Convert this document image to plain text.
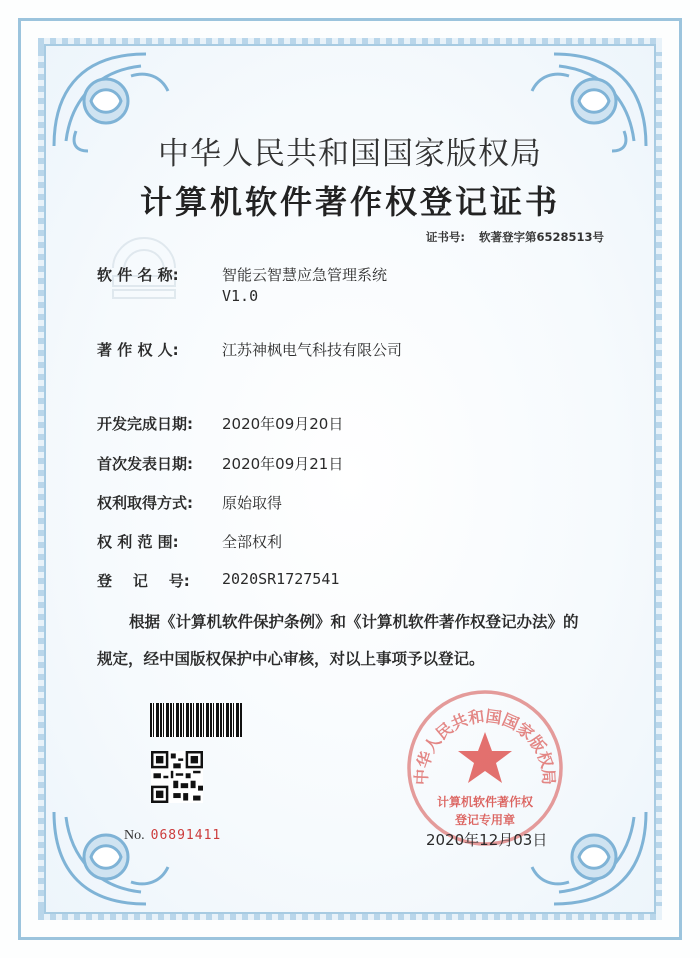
中华人民共和国国家版权局
计算机软件著作权登记证书
证书号: 软著登字第6528513号
软 件 名 称:	智能云智慧应急管理系统
V1.0
著 作 权 人:	江苏神枫电气科技有限公司
开发完成日期: 2020年09月20日
首次发表日期: 2020年09月21日
权利取得方式: 原始取得
权 利 范 围:	全部权利
登    记    号: 2020SR1727541
根据《计算机软件保护条例》和《计算机软件著作权登记办法》的
规定，经中国版权保护中心审核，对以上事项予以登记。
No. 06891411
中华人民共和国国家版权局
计算机软件著作权
登记专用章
2020年12月03日
